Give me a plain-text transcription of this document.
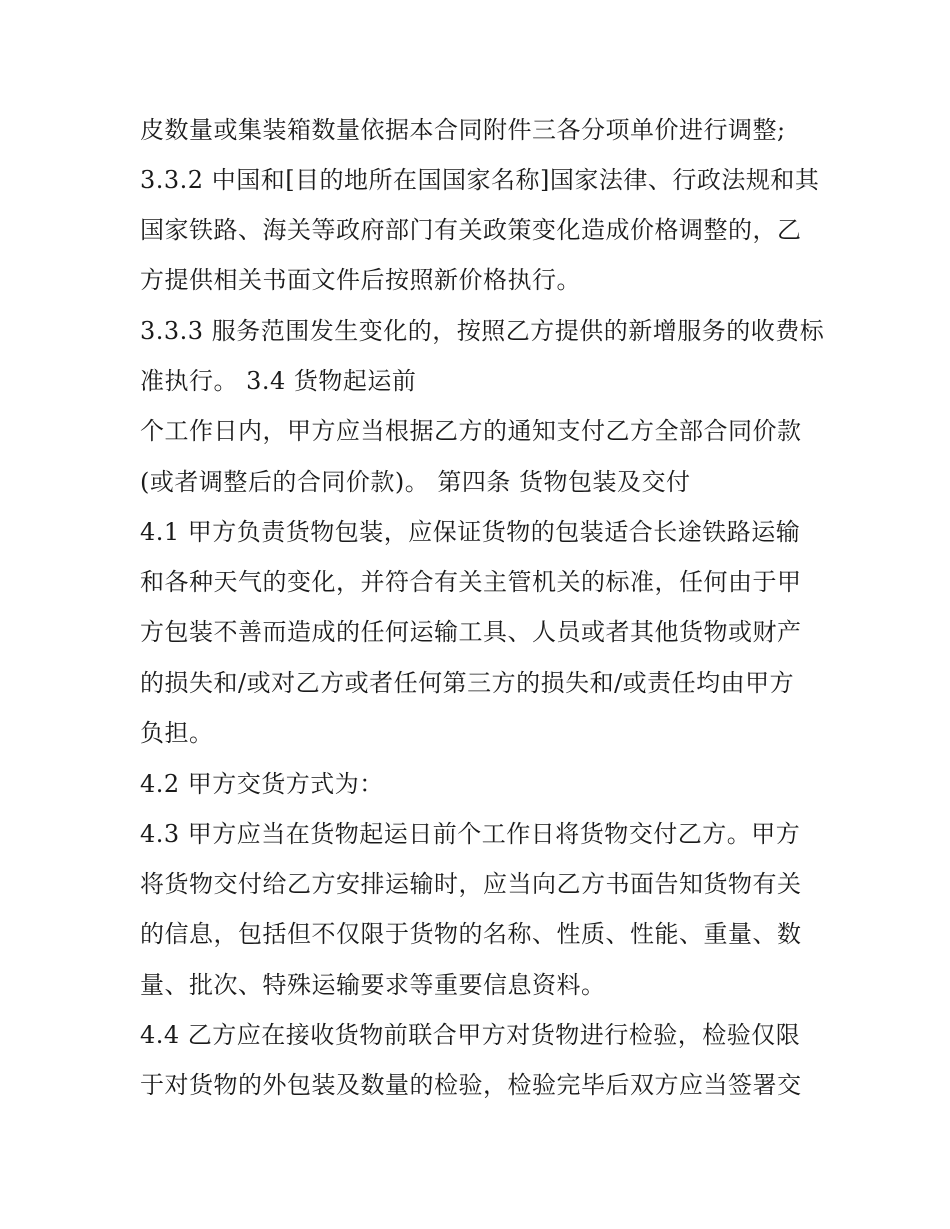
皮数量或集装箱数量依据本合同附件三各分项单价进行调整;
3.3.2 中国和[目的地所在国国家名称]国家法律、行政法规和其
国家铁路、海关等政府部门有关政策变化造成价格调整的，乙
方提供相关书面文件后按照新价格执行。
3.3.3 服务范围发生变化的，按照乙方提供的新增服务的收费标
准执行。 3.4 货物起运前
个工作日内，甲方应当根据乙方的通知支付乙方全部合同价款
(或者调整后的合同价款)。 第四条 货物包装及交付
4.1 甲方负责货物包装，应保证货物的包装适合长途铁路运输
和各种天气的变化，并符合有关主管机关的标准，任何由于甲
方包装不善而造成的任何运输工具、人员或者其他货物或财产
的损失和/或对乙方或者任何第三方的损失和/或责任均由甲方
负担。
4.2 甲方交货方式为：
4.3 甲方应当在货物起运日前个工作日将货物交付乙方。甲方
将货物交付给乙方安排运输时，应当向乙方书面告知货物有关
的信息，包括但不仅限于货物的名称、性质、性能、重量、数
量、批次、特殊运输要求等重要信息资料。
4.4 乙方应在接收货物前联合甲方对货物进行检验，检验仅限
于对货物的外包装及数量的检验，检验完毕后双方应当签署交
